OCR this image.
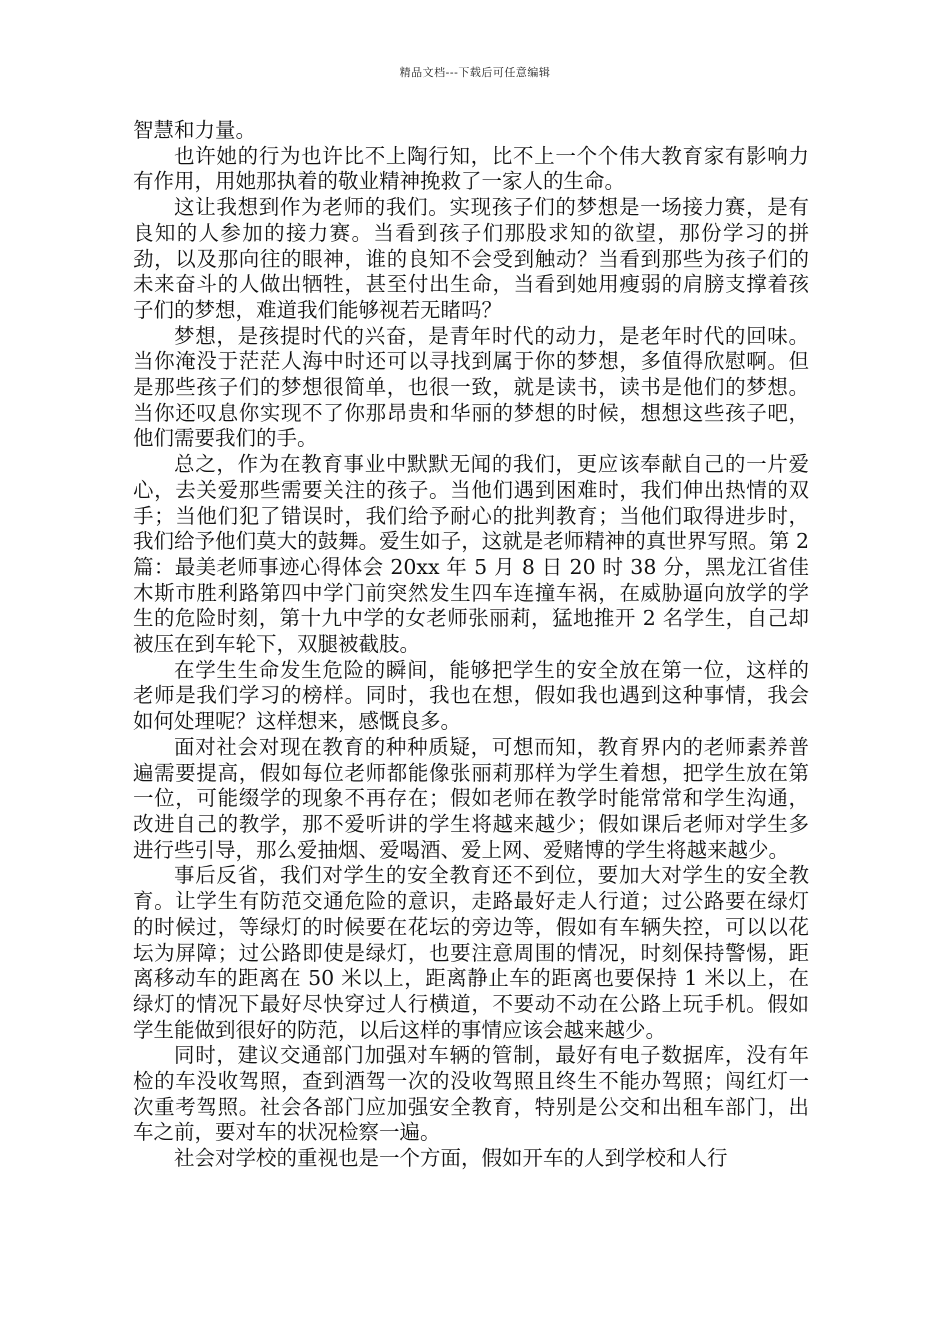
精品文档---下载后可任意编辑

智慧和力量。

也许她的行为也许比不上陶行知，比不上一个个伟大教育家有影响力有作用，用她那执着的敬业精神挽救了一家人的生命。

这让我想到作为老师的我们。实现孩子们的梦想是一场接力赛，是有良知的人参加的接力赛。当看到孩子们那股求知的欲望，那份学习的拼劲，以及那向往的眼神，谁的良知不会受到触动？当看到那些为孩子们的未来奋斗的人做出牺牲，甚至付出生命，当看到她用瘦弱的肩膀支撑着孩子们的梦想，难道我们能够视若无睹吗？

梦想，是孩提时代的兴奋，是青年时代的动力，是老年时代的回味。当你淹没于茫茫人海中时还可以寻找到属于你的梦想，多值得欣慰啊。但是那些孩子们的梦想很简单，也很一致，就是读书，读书是他们的梦想。当你还叹息你实现不了你那昂贵和华丽的梦想的时候，想想这些孩子吧，他们需要我们的手。

总之，作为在教育事业中默默无闻的我们，更应该奉献自己的一片爱心，去关爱那些需要关注的孩子。当他们遇到困难时，我们伸出热情的双手；当他们犯了错误时，我们给予耐心的批判教育；当他们取得进步时，我们给予他们莫大的鼓舞。爱生如子，这就是老师精神的真世界写照。第 2 篇：最美老师事迹心得体会 20xx 年 5 月 8 日 20 时 38 分，黑龙江省佳木斯市胜利路第四中学门前突然发生四车连撞车祸，在威胁逼向放学的学生的危险时刻，第十九中学的女老师张丽莉，猛地推开 2 名学生，自己却被压在到车轮下，双腿被截肢。

在学生生命发生危险的瞬间，能够把学生的安全放在第一位，这样的老师是我们学习的榜样。同时，我也在想，假如我也遇到这种事情，我会如何处理呢？这样想来，感慨良多。

面对社会对现在教育的种种质疑，可想而知，教育界内的老师素养普遍需要提高，假如每位老师都能像张丽莉那样为学生着想，把学生放在第一位，可能缀学的现象不再存在；假如老师在教学时能常常和学生沟通，改进自己的教学，那不爱听讲的学生将越来越少；假如课后老师对学生多进行些引导，那么爱抽烟、爱喝酒、爱上网、爱赌博的学生将越来越少。

事后反省，我们对学生的安全教育还不到位，要加大对学生的安全教育。让学生有防范交通危险的意识，走路最好走人行道；过公路要在绿灯的时候过，等绿灯的时候要在花坛的旁边等，假如有车辆失控，可以以花坛为屏障；过公路即使是绿灯，也要注意周围的情况，时刻保持警惕，距离移动车的距离在 50 米以上，距离静止车的距离也要保持 1 米以上，在绿灯的情况下最好尽快穿过人行横道，不要动不动在公路上玩手机。假如学生能做到很好的防范，以后这样的事情应该会越来越少。

同时，建议交通部门加强对车辆的管制，最好有电子数据库，没有年检的车没收驾照，查到酒驾一次的没收驾照且终生不能办驾照；闯红灯一次重考驾照。社会各部门应加强安全教育，特别是公交和出租车部门，出车之前，要对车的状况检察一遍。

社会对学校的重视也是一个方面，假如开车的人到学校和人行
